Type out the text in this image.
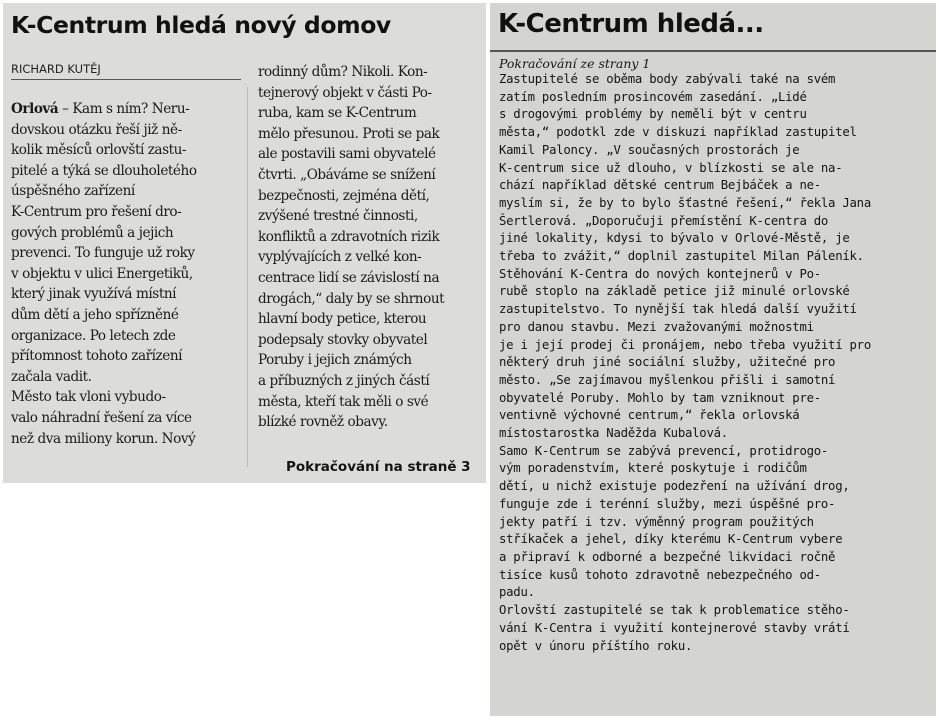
K-Centrum hledá nový domov

RICHARD KUTĚJ

Orlová – Kam s ním? Neru-
dovskou otázku řeší již ně-
kolik měsíců orlovští zastu-
pitelé a týká se dlouholetého
úspěšného zařízení
K-Centrum pro řešení dro-
gových problémů a jejich
prevenci. To funguje už roky
v objektu v ulici Energetiků,
který jinak využívá místní
dům dětí a jeho spřízněné
organizace. Po letech zde
přítomnost tohoto zařízení
začala vadit.
Město tak vloni vybudo-
valo náhradní řešení za více
než dva miliony korun. Nový

rodinný dům? Nikoli. Kon-
tejnerový objekt v části Po-
ruba, kam se K-Centrum
mělo přesunou. Proti se pak
ale postavili sami obyvatelé
čtvrti. „Obáváme se snížení
bezpečnosti, zejména dětí,
zvýšené trestné činnosti,
konfliktů a zdravotních rizik
vyplývajících z velké kon-
centrace lidí se závislostí na
drogách,“ daly by se shrnout
hlavní body petice, kterou
podepsaly stovky obyvatel
Poruby i jejich známých
a příbuzných z jiných částí
města, kteří tak měli o své
blízké rovněž obavy.

Pokračování na straně 3

K-Centrum hledá...

Pokračování ze strany 1

Zastupitelé se oběma body zabývali také na svém
zatím posledním prosincovém zasedání. „Lidé
s drogovými problémy by neměli být v centru
města,“ podotkl zde v diskuzi například zastupitel
Kamil Paloncy. „V současných prostorách je
K-centrum sice už dlouho, v blízkosti se ale na-
chází například dětské centrum Bejbáček a ne-
myslím si, že by to bylo šťastné řešení,“ řekla Jana
Šertlerová. „Doporučuji přemístění K-centra do
jiné lokality, kdysi to bývalo v Orlové-Městě, je
třeba to zvážit,“ doplnil zastupitel Milan Páleník.
Stěhování K-Centra do nových kontejnerů v Po-
rubě stoplo na základě petice již minulé orlovské
zastupitelstvo. To nynější tak hledá další využití
pro danou stavbu. Mezi zvažovanými možnostmi
je i její prodej či pronájem, nebo třeba využití pro
některý druh jiné sociální služby, užitečné pro
město. „Se zajímavou myšlenkou přišli i samotní
obyvatelé Poruby. Mohlo by tam vzniknout pre-
ventivně výchovné centrum,“ řekla orlovská
místostarostka Naděžda Kubalová.
Samo K-Centrum se zabývá prevencí, protidrogo-
vým poradenstvím, které poskytuje i rodičům
dětí, u nichž existuje podezření na užívání drog,
funguje zde i terénní služby, mezi úspěšné pro-
jekty patří i tzv. výměnný program použitých
stříkaček a jehel, díky kterému K-Centrum vybere
a připraví k odborné a bezpečné likvidaci ročně
tisíce kusů tohoto zdravotně nebezpečného od-
padu.
Orlovští zastupitelé se tak k problematice stěho-
vání K-Centra i využití kontejnerové stavby vrátí
opět v únoru příštího roku.
